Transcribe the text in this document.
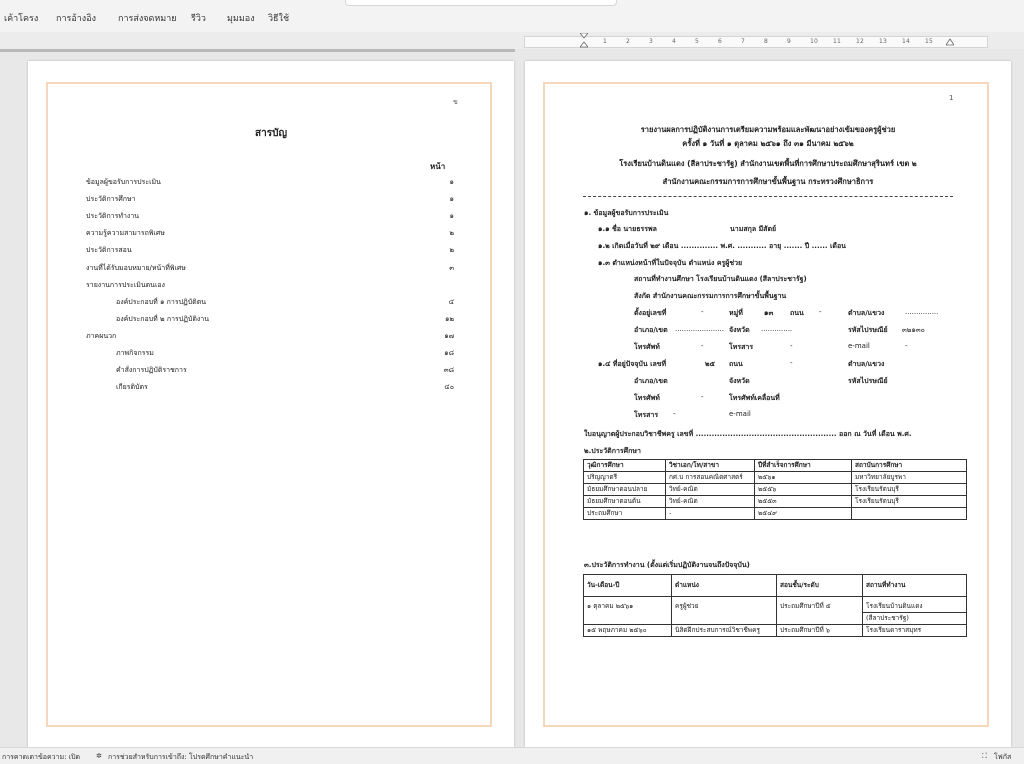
เค้าโครง การอ้างอิง การส่งจดหมาย รีวิว มุมมอง วิธีใช้
1	2	3	4	5	6	7	8	9	10 11 12 13 14 15
ข
สารบัญ
หน้า
ข้อมูลผู้ขอรับการประเมิน	๑
ประวัติการศึกษา	๑
ประวัติการทำงาน	๑
ความรู้ความสามารถพิเศษ	๒
ประวัติการสอน	๒
งานที่ได้รับมอบหมาย/หน้าที่พิเศษ	๓
รายงานการประเมินตนเอง
องค์ประกอบที่ ๑ การปฏิบัติตน	๔
องค์ประกอบที่ ๒ การปฏิบัติงาน	๑๒
ภาคผนวก	๑๗
ภาพกิจกรรม	๑๘
คำสั่งการปฏิบัติราชการ	๓๘
เกียรติบัตร	๔๐
1
รายงานผลการปฏิบัติงานการเตรียมความพร้อมและพัฒนาอย่างเข้มของครูผู้ช่วย
ครั้งที่ ๑ วันที่ ๑ ตุลาคม ๒๕๖๑ ถึง ๓๑ มีนาคม ๒๕๖๒
โรงเรียนบ้านดินแดง (สีลาประชารัฐ) สำนักงานเขตพื้นที่การศึกษาประถมศึกษาสุรินทร์ เขต ๒
สำนักงานคณะกรรมการการศึกษาขั้นพื้นฐาน กระทรวงศึกษาธิการ
๑. ข้อมูลผู้ขอรับการประเมิน
๑.๑ ชื่อ นายธรรพล	นามสกุล มีสัตย์
๑.๒ เกิดเมื่อวันที่ ๒๙ เดือน .............. พ.ศ. ........... อายุ ....... ปี ...... เดือน
๑.๓ ตำแหน่งหน้าที่ในปัจจุบัน ตำแหน่ง ครูผู้ช่วย
สถานที่ทำงานศึกษา โรงเรียนบ้านดินแดง (สีลาประชารัฐ)
สังกัด สำนักงานคณะกรรมการการศึกษาขั้นพื้นฐาน
ตั้งอยู่เลขที่	-	หมู่ที่	๑๓ ถนน -	ตำบล/แขวง	...............
อำเภอ/เขต ...................... จังหวัด ..............	รหัสไปรษณีย์ ๓๒๑๓๐
โทรศัพท์	-	โทรสาร	-	e-mail	-
๑.๔ ที่อยู่ปัจจุบัน เลขที่	๒๕ ถนน	-	ตำบล/แขวง
อำเภอ/เขต	จังหวัด	รหัสไปรษณีย์
โทรศัพท์	-	โทรศัพท์เคลื่อนที่
โทรสาร -	e-mail
ใบอนุญาตผู้ประกอบวิชาชีพครู เลขที่ ..................................................... ออก ณ วันที่ เดือน พ.ศ.
๒.ประวัติการศึกษา
วุฒิการศึกษา	วิชาเอก/โท/สาขา	ปีที่สำเร็จการศึกษา	สถาบันการศึกษา
ปริญญาตรี	กศ.บ การสอนคณิตศาสตร์	๒๕๖๑	มหาวิทยาลัยบูรพา
มัธยมศึกษาตอนปลาย	วิทย์-คณิต	๒๕๕๖	โรงเรียนรัตนบุรี
มัธยมศึกษาตอนต้น	วิทย์-คณิต	๒๕๕๓	โรงเรียนรัตนบุรี
ประถมศึกษา	-	๒๕๔๙	
๓.ประวัติการทำงาน (ตั้งแต่เริ่มปฏิบัติงานจนถึงปัจจุบัน)
วัน-เดือน-ปี	ตำแหน่ง	สอนชั้น/ระดับ	สถานที่ทำงาน
๑ ตุลาคม ๒๕๖๑	ครูผู้ช่วย	ประถมศึกษาปีที่ ๕	โรงเรียนบ้านดินแดง
			(สีลาประชารัฐ)
๑๕ พฤษภาคม ๒๕๖๐	นิสิตฝึกประสบการณ์วิชาชีพครู	ประถมศึกษาปีที่ ๖	โรงเรียนดาราสมุทร
การคาดเดาข้อความ: เปิด ✲ การช่วยสำหรับการเข้าถึง: โปรดศึกษาคำแนะนำ	⛶ โฟกัส
